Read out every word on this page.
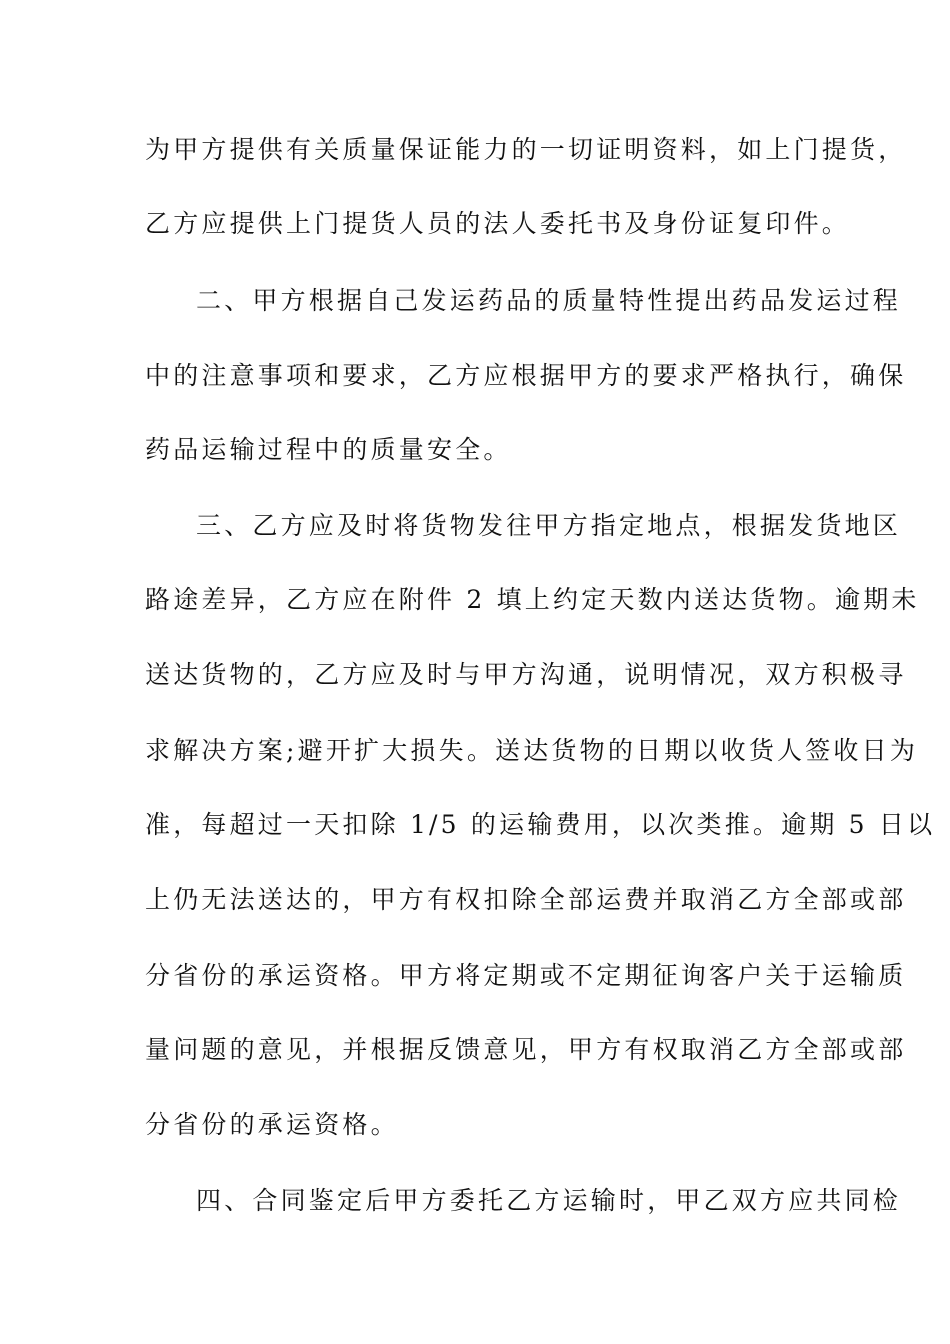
为甲方提供有关质量保证能力的一切证明资料，如上门提货，
乙方应提供上门提货人员的法人委托书及身份证复印件。
二、甲方根据自己发运药品的质量特性提出药品发运过程
中的注意事项和要求，乙方应根据甲方的要求严格执行，确保
药品运输过程中的质量安全。
三、乙方应及时将货物发往甲方指定地点，根据发货地区
路途差异，乙方应在附件 2 填上约定天数内送达货物。逾期未
送达货物的，乙方应及时与甲方沟通，说明情况，双方积极寻
求解决方案;避开扩大损失。送达货物的日期以收货人签收日为
准，每超过一天扣除 1/5 的运输费用，以次类推。逾期 5 日以
上仍无法送达的，甲方有权扣除全部运费并取消乙方全部或部
分省份的承运资格。甲方将定期或不定期征询客户关于运输质
量问题的意见，并根据反馈意见，甲方有权取消乙方全部或部
分省份的承运资格。
四、合同鉴定后甲方委托乙方运输时，甲乙双方应共同检
